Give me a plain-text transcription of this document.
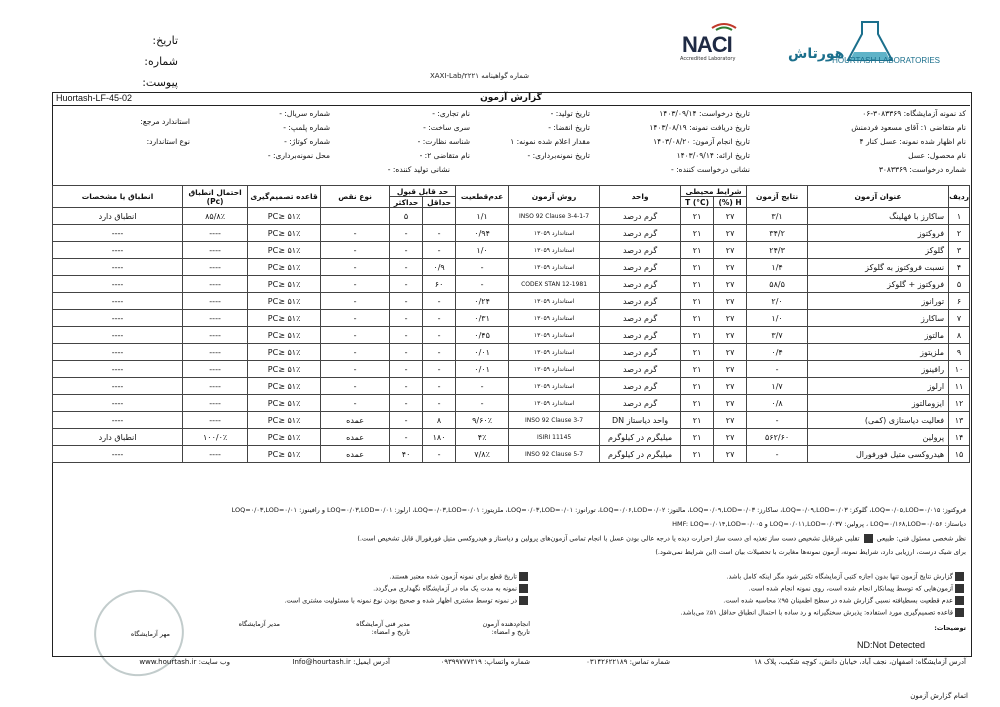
تاریخ:
شماره:
پیوست:
NACI
Accredited Laboratory	هورتاش
HOURTASH LABORATORIES
XAXI-Lab/۲۲۲۱ شماره گواهینامه
گزارش آزمون
Huortash-LF-45-02
کد نمونه آزمایشگاه: ۳۰۸۳۳۶۹-۰۶
نام متقاضی ۱: آقای مسعود فردمنش
نام اظهار شده نمونه: عسل کنار ۴
نام محصول: عسل
شماره درخواست: ۳۰۸۳۳۶۹
تاریخ درخواست: ۱۴۰۳/۰۹/۱۴
تاریخ دریافت نمونه: ۱۴۰۳/۰۸/۱۹
تاریخ انجام آزمون: ۱۴۰۳/۰۸/۲۰
تاریخ ارائه: ۱۴۰۳/۰۹/۱۴
نشانی درخواست کننده: -
تاریخ تولید: -
تاریخ انقضا: -
مقدار اعلام شده نمونه: ۱
تاریخ نمونه‌برداری: -
نشانی تولید کننده: -
نام تجاری: -
سری ساخت: -
شناسه نظارت: -
نام متقاضی ۲: -
شماره سریال: -
شماره پلمپ: -
شماره کوتاژ: -
محل نمونه‌برداری: -
استاندارد مرجع:
نوع استاندارد:
ردیف	عنوان آزمون	نتایج آزمون	شرایط محیطی		واحد	روش آزمون	عدم‌قطعیت	حد قابل قبول		نوع نقص	قاعده تصمیم‌گیری	احتمال انطباق (Pc)	انطباق یا مشخصات
			H (%)	T (°C)				حداقل	حداکثر				
۱	ساکارز با فهلینگ	۳/۱	۲۷	۲۱	گرم درصد	INSO 92 Clause 3-4-1-7	۱/۱		۵		۵۱٪ ≤PC	۸۵/۸٪	انطباق دارد
۲	فروکتوز	۳۴/۲	۲۷	۲۱	گرم درصد	استاندارد ۱۳۰۵۹	۰/۹۴	-	-	-	۵۱٪ ≤PC	----	----
۳	گلوکز	۲۴/۳	۲۷	۲۱	گرم درصد	استاندارد ۱۳۰۵۹	۱/۰	-	-	-	۵۱٪ ≤PC	----	----
۴	نسبت فروکتوز به گلوکز	۱/۴	۲۷	۲۱	گرم درصد	استاندارد ۱۳۰۵۹	-	۰/۹	-	-	۵۱٪ ≤PC	----	----
۵	فروکتوز + گلوکز	۵۸/۵	۲۷	۲۱	گرم درصد	CODEX STAN 12-1981	-	۶۰	-	-	۵۱٪ ≤PC	----	----
۶	تورانوز	۲/۰	۲۷	۲۱	گرم درصد	استاندارد ۱۳۰۵۹	۰/۲۴	-	-	-	۵۱٪ ≤PC	----	----
۷	ساکارز	۱/۰	۲۷	۲۱	گرم درصد	استاندارد ۱۳۰۵۹	۰/۳۱	-	-	-	۵۱٪ ≤PC	----	----
۸	مالتوز	۳/۷	۲۷	۲۱	گرم درصد	استاندارد ۱۳۰۵۹	۰/۴۵	-	-	-	۵۱٪ ≤PC	----	----
۹	ملزیتوز	۰/۴	۲۷	۲۱	گرم درصد	استاندارد ۱۳۰۵۹	۰/۰۱	-	-	-	۵۱٪ ≤PC	----	----
۱۰	رافینوز	-	۲۷	۲۱	گرم درصد	استاندارد ۱۳۰۵۹	۰/۰۱	-	-	-	۵۱٪ ≤PC	----	----
۱۱	ارلوز	۱/۷	۲۷	۲۱	گرم درصد	استاندارد ۱۳۰۵۹	-	-	-	-	۵۱٪ ≤PC	----	----
۱۲	ایزومالتوز	۰/۸	۲۷	۲۱	گرم درصد	استاندارد ۱۳۰۵۹	-	-	-	-	۵۱٪ ≤PC	----	----
۱۳	فعالیت دیاستازی (کمی)	-	۲۷	۲۱	واحد دیاستاز DN	INSO 92 Clause 3-7	۹/۶۰٪	۸	-	عمده	۵۱٪ ≤PC	----	----
۱۴	پرولین	۵۶۲/۶۰	۲۷	۲۱	میلیگرم در کیلوگرم	ISIRI 11145	۴٪	۱۸۰	-	عمده	۵۱٪ ≤PC	۱۰۰/۰٪	انطباق دارد
۱۵	هیدروکسی متیل فورفورال	-	۲۷	۲۱	میلیگرم در کیلوگرم	INSO 92 Clause 5-7	۷/۸٪	-	۴۰	عمده	۵۱٪ ≤PC	----	----
فروکتوز: LOQ=۰/۰۵,LOD=۰/۰۱۵، گلوکز: LOQ=۰/۰۹,LOD=۰/۰۳، ساکارز: LOQ=۰/۰۹,LOD=۰/۰۳، مالتوز: LOQ=۰/۰۶,LOD=۰/۰۲، تورانوز: LOQ=۰/۰۳,LOD=۰/۰۱، ملزیتوز: LOQ=۰/۰۳,LOD=۰/۰۱، ارلوز: LOQ=۰/۰۳,LOD=۰/۰۱ و رافینوز: LOQ=۰/۰۳,LOD=۰/۰۱
دیاستاز: LOQ=۰/۱۶۸,LOD=۰/۰۵۶ ، پرولین: LOQ=۰/۰۱۱,LOD=۰/۰۳۷ و HMF: LOQ=۰/۰۱۴,LOD=۰/۰۰۵
نظر شخصی مسئول فنی: طبیعی  تقلبی غیرقابل تشخیص دست ساز تغذیه ای دست ساز (حرارت دیده یا درجه عالی بودن عسل با انجام تمامی آزمون‌های پرولین و دیاستاز و هیدروکسی متیل فورفورال قابل تشخیص است.)
برای شیک درست، ارزیابی دارد، شرایط نمونه، آزمون نمونه‌ها مغایرت با تحصیلات بیان است (این شرایط نمی‌شود.)
گزارش نتایج آزمون تنها بدون اجازه کتبی آزمایشگاه تکثیر شود مگر اینکه کامل باشد.
آزمون‌هایی که توسط پیمانکار انجام شده است، روی نمونه انجام شده است.
عدم قطعیت بسطیافته نسبی گزارش شده در سطح اطمینان ۹۵٪ محاسبه شده است.
قاعده تصمیم‌گیری مورد استفاده: پذیرش سختگیرانه و رد ساده با احتمال انطباق حداقل ۵۱٪ می‌باشد.
تاریخ قطع برای نمونه آزمون شده معتبر هستند.
نمونه به مدت یک ماه در آزمایشگاه نگهداری می‌گردد.
در نمونه توسط مشتری اظهار شده و صحیح بودن نوع نمونه با مسئولیت مشتری است.
توضیحات:
انجام‌دهنده آزمون
تاریخ و امضاء:
مدیر فنی آزمایشگاه
تاریخ و امضاء:
مدیر آزمایشگاه
مهر آزمایشگاه
ND:Not Detected
آدرس آزمایشگاه: اصفهان، نجف آباد، خیابان دانش، کوچه شکیب، پلاک ۱۸
شماره تماس: ۰۳۱۴۲۶۲۲۱۸۹
شماره واتساپ: ۰۹۳۹۹۷۷۷۲۱۹
آدرس ایمیل: Info@hourtash.ir
وب سایت: www.hourtash.ir
اتمام گزارش آزمون
